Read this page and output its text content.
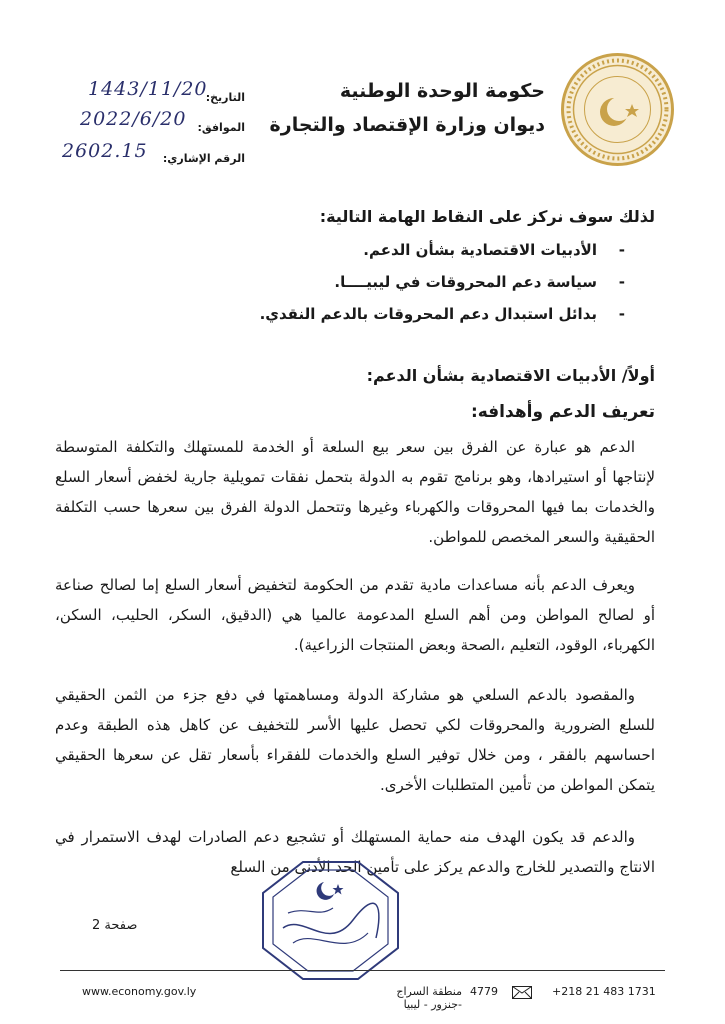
حكومة الوحدة الوطنية
ديوان وزارة الإقتصاد والتجارة
التاريخ:
1443/11/20
الموافق:
2022/6/20
الرقم الإشاري:
2602.15
لذلك سوف نركز على النقاط الهامة التالية:
الأدبيات الاقتصادية بشأن الدعم. -
سياسة دعم المحروقات في ليبيــــا. -
بدائل استبدال دعم المحروقات بالدعم النقدي. -
أولاً/ الأدبيات الاقتصادية بشأن الدعم:
تعريف الدعم وأهدافه:
الدعم هو عبارة عن الفرق بين سعر بيع السلعة أو الخدمة للمستهلك والتكلفة المتوسطة لإنتاجها أو استيرادها، وهو برنامج تقوم به الدولة بتحمل نفقات تمويلية جارية لخفض أسعار السلع والخدمات بما فيها المحروقات والكهرباء وغيرها وتتحمل الدولة الفرق بين سعرها حسب التكلفة الحقيقية والسعر المخصص للمواطن.
ويعرف الدعم بأنه مساعدات مادية تقدم من الحكومة لتخفيض أسعار السلع إما لصالح صناعة أو لصالح المواطن ومن أهم السلع المدعومة عالميا هي (الدقيق، السكر، الحليب، السكن، الكهرباء، الوقود، التعليم ،الصحة وبعض المنتجات الزراعية).
والمقصود بالدعم السلعي هو مشاركة الدولة ومساهمتها في دفع جزء من الثمن الحقيقي للسلع الضرورية والمحروقات لكي تحصل عليها الأسر للتخفيف عن كاهل هذه الطبقة وعدم احساسهم بالفقر ، ومن خلال توفير السلع والخدمات للفقراء بأسعار تقل عن سعرها الحقيقي يتمكن المواطن من تأمين المتطلبات الأخرى.
والدعم قد يكون الهدف منه حماية المستهلك أو تشجيع دعم الصادرات لهدف الاستمرار في الانتاج والتصدير للخارج والدعم يركز على تأمين الحد الأدنى من السلع
صفحة 2
www.economy.gov.ly	منطقة السراج -جنزور - ليبيا
4779	+218 21 483 1731
